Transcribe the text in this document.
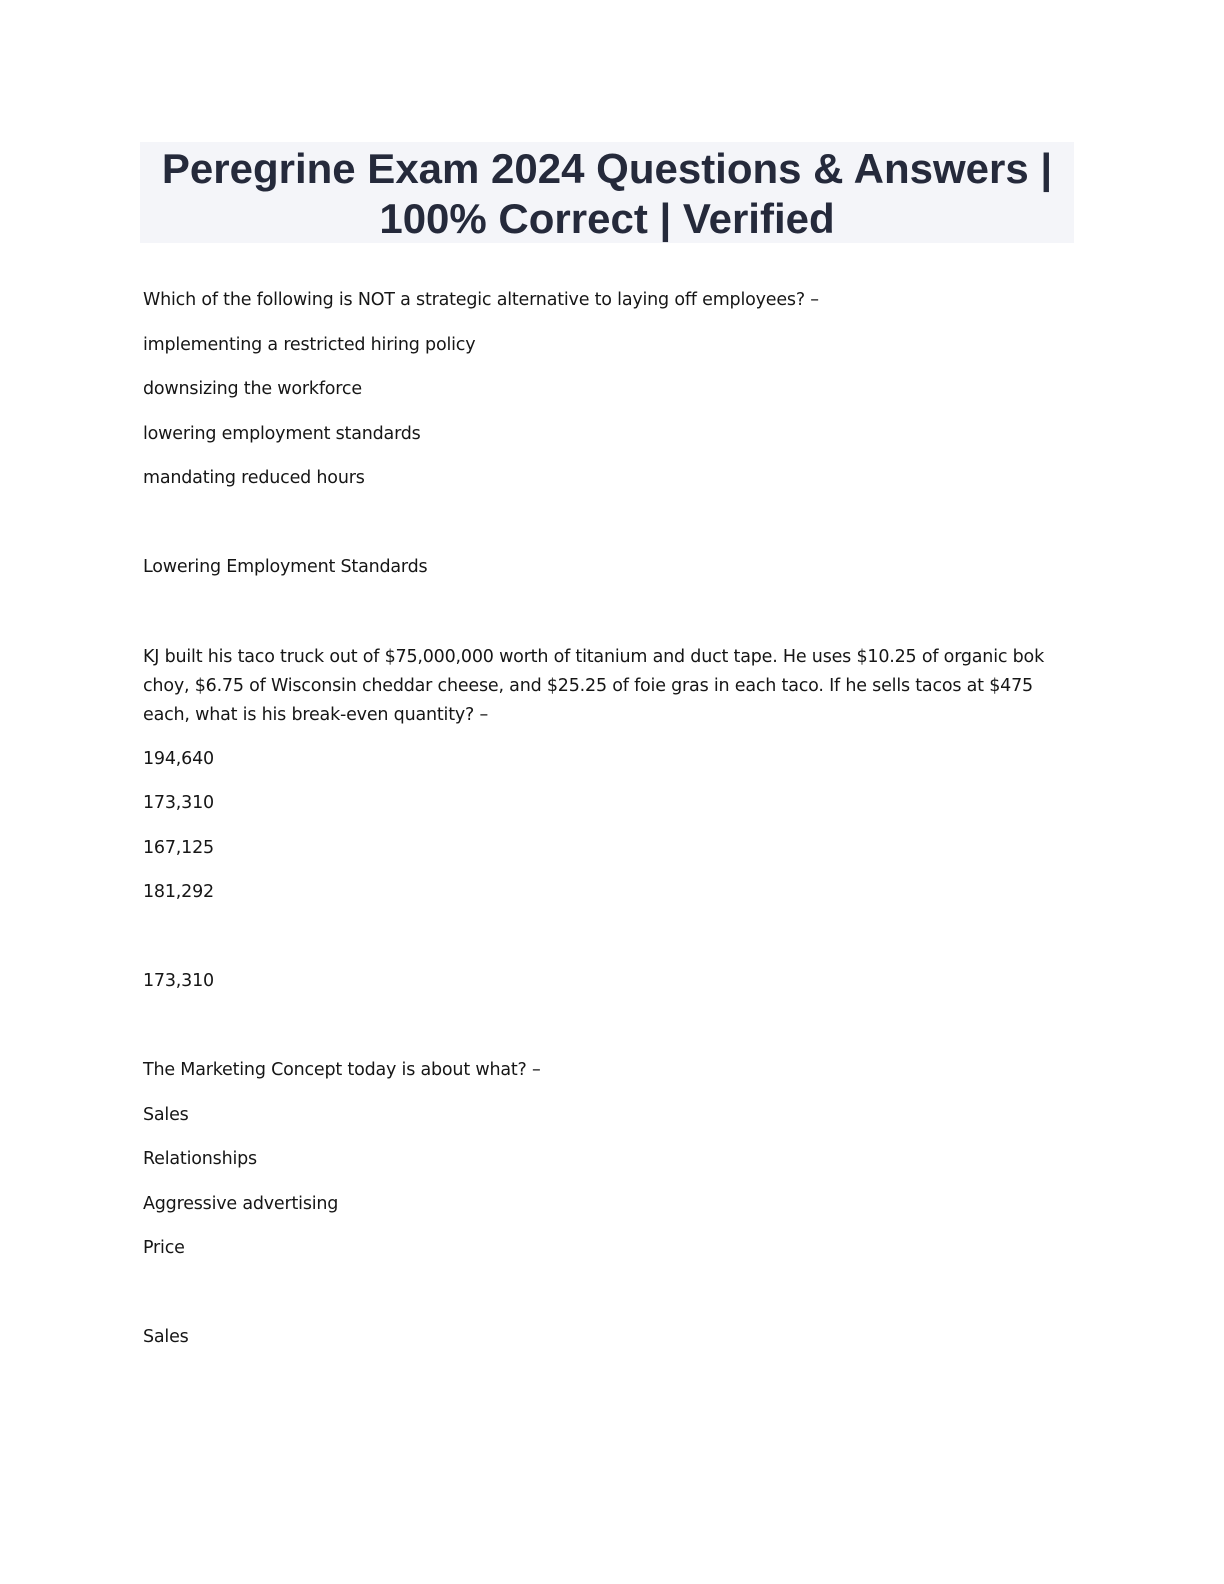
Peregrine Exam 2024 Questions & Answers |
100% Correct | Verified
Which of the following is NOT a strategic alternative to laying off employees? –
implementing a restricted hiring policy
downsizing the workforce
lowering employment standards
mandating reduced hours
Lowering Employment Standards

KJ built his taco truck out of $75,000,000 worth of titanium and duct tape. He uses $10.25 of organic bok choy, $6.75 of Wisconsin cheddar cheese, and $25.25 of foie gras in each taco. If he sells tacos at $475 each, what is his break-even quantity? –

194,640
173,310
167,125
181,292
173,310
The Marketing Concept today is about what? –
Sales
Relationships
Aggressive advertising
Price
Sales
